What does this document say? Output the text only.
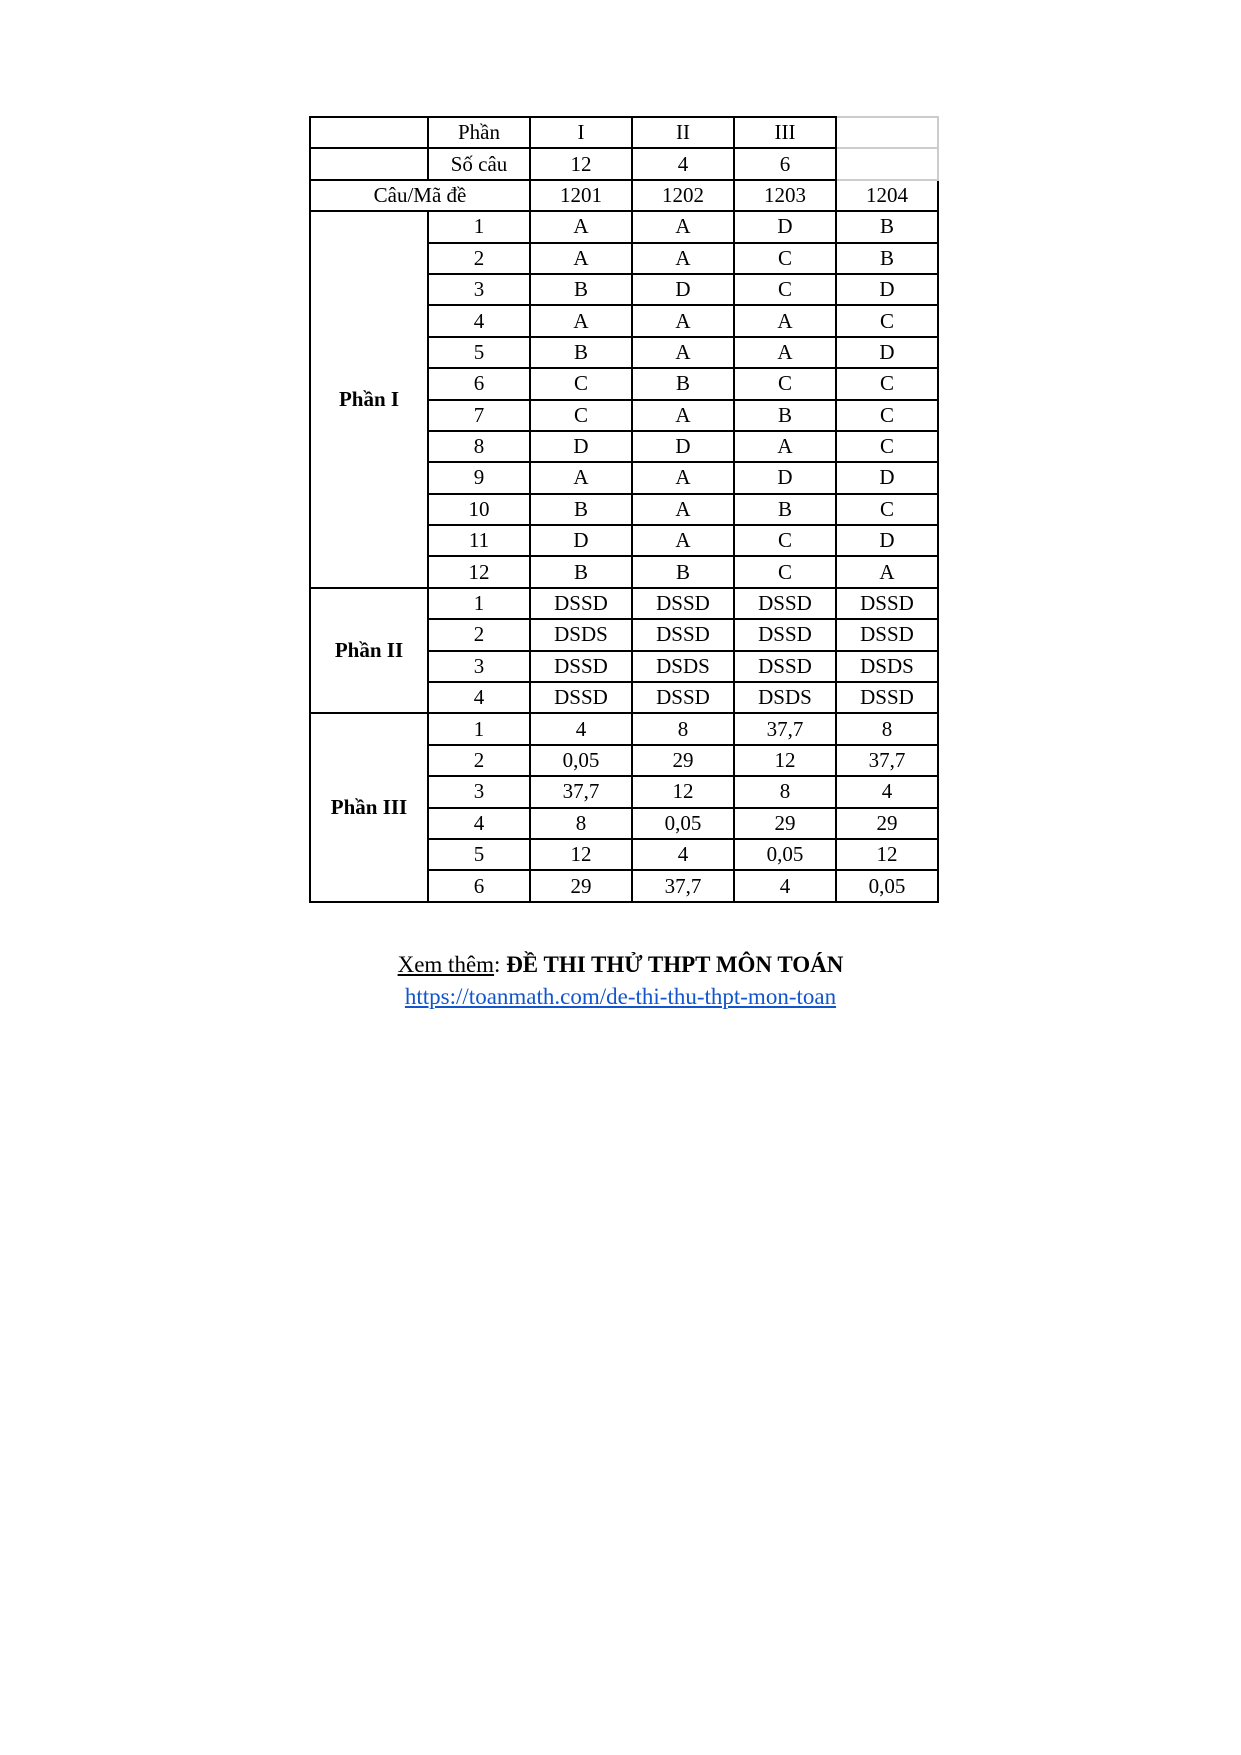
	Phần	I	II	III	
	Số câu	12	4	6	
Câu/Mã đề		1201	1202	1203	1204
Phần I	1	A	A	D	B
	2	A	A	C	B
	3	B	D	C	D
	4	A	A	A	C
	5	B	A	A	D
	6	C	B	C	C
	7	C	A	B	C
	8	D	D	A	C
	9	A	A	D	D
	10	B	A	B	C
	11	D	A	C	D
	12	B	B	C	A
Phần II	1	DSSD	DSSD	DSSD	DSSD
	2	DSDS	DSSD	DSSD	DSSD
	3	DSSD	DSDS	DSSD	DSDS
	4	DSSD	DSSD	DSDS	DSSD
Phần III	1	4	8	37,7	8
	2	0,05	29	12	37,7
	3	37,7	12	8	4
	4	8	0,05	29	29
	5	12	4	0,05	12
	6	29	37,7	4	0,05
Xem thêm: ĐỀ THI THỬ THPT MÔN TOÁN
https://toanmath.com/de-thi-thu-thpt-mon-toan
